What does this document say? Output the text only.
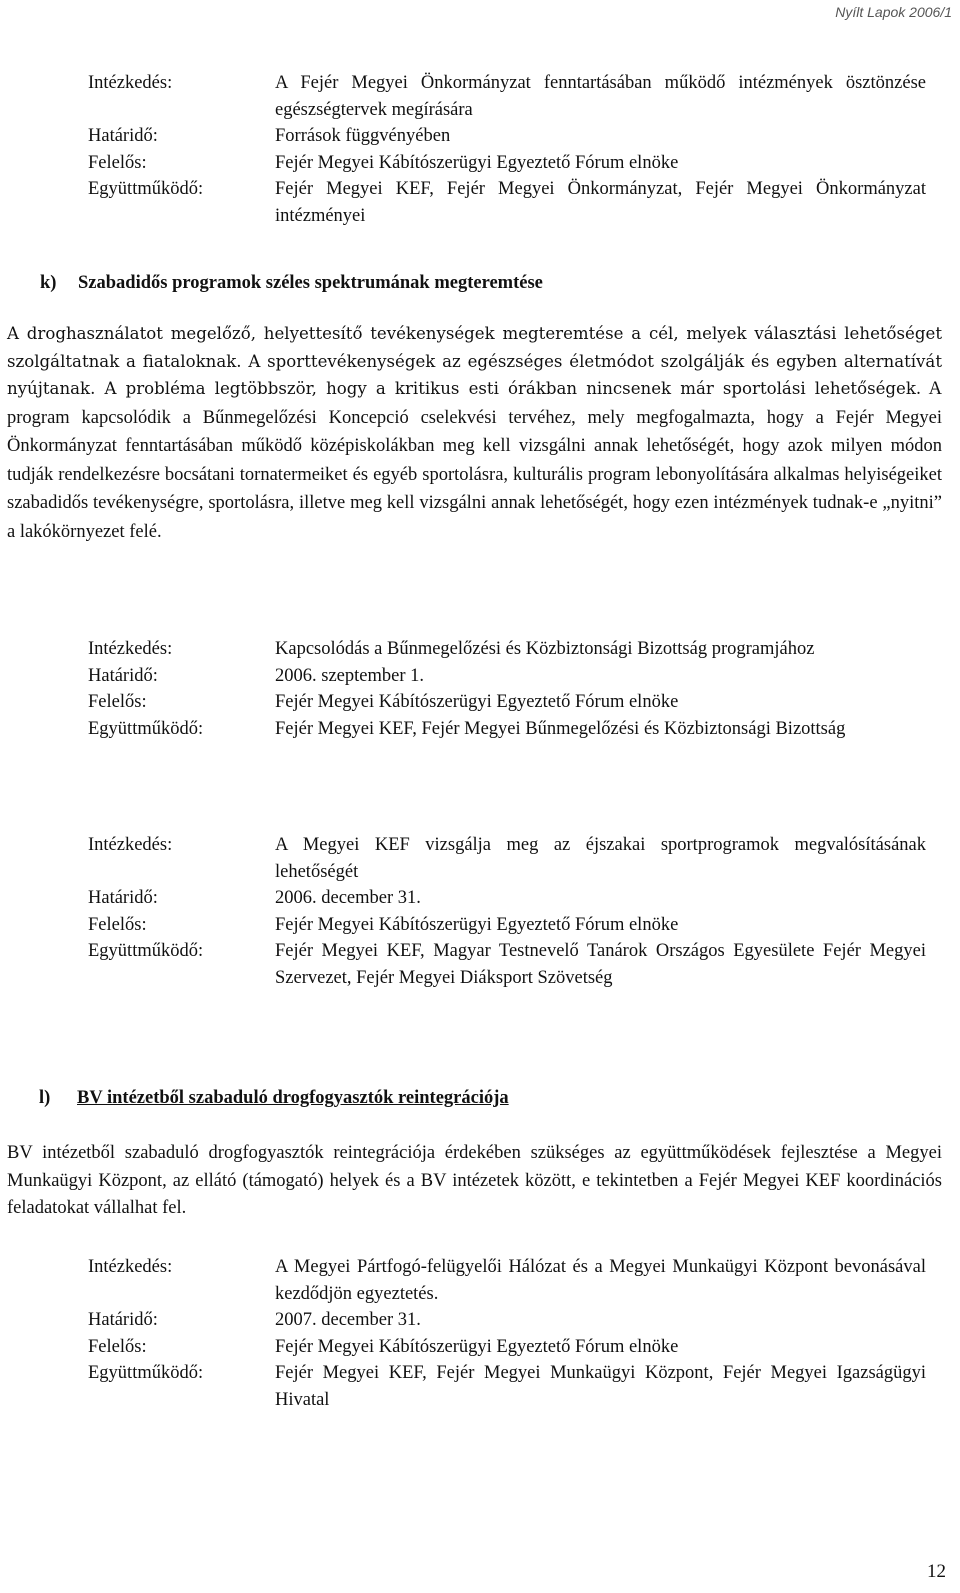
Nyílt Lapok 2006/1
Intézkedés:	A Fejér Megyei Önkormányzat fenntartásában működő intézmények ösztönzése egészségtervek megírására
Határidő:	Források függvényében
Felelős:	Fejér Megyei Kábítószerügyi Egyeztető Fórum elnöke
Együttműködő:	Fejér Megyei KEF, Fejér Megyei Önkormányzat, Fejér Megyei Önkormányzat intézményei
k) Szabadidős programok széles spektrumának megteremtése
A droghasználatot megelőző, helyettesítő tevékenységek megteremtése a cél, melyek választási lehetőséget szolgáltatnak a fiataloknak. A sporttevékenységek az egészséges életmódot szolgálják és egyben alternatívát nyújtanak. A probléma legtöbbször, hogy a kritikus esti órákban nincsenek már sportolási lehetőségek. A program kapcsolódik a Bűnmegelőzési Koncepció cselekvési tervéhez, mely megfogalmazta, hogy a Fejér Megyei Önkormányzat fenntartásában működő középiskolákban meg kell vizsgálni annak lehetőségét, hogy azok milyen módon tudják rendelkezésre bocsátani tornatermeiket és egyéb sportolásra, kulturális program lebonyolítására alkalmas helyiségeiket szabadidős tevékenységre, sportolásra, illetve meg kell vizsgálni annak lehetőségét, hogy ezen intézmények tudnak-e „nyitni” a lakókörnyezet felé.
Intézkedés:	Kapcsolódás a Bűnmegelőzési és Közbiztonsági Bizottság programjához
Határidő:	2006. szeptember 1.
Felelős:	Fejér Megyei Kábítószerügyi Egyeztető Fórum elnöke
Együttműködő:	Fejér Megyei KEF, Fejér Megyei Bűnmegelőzési és Közbiztonsági Bizottság
Intézkedés:	A Megyei KEF vizsgálja meg az éjszakai sportprogramok megvalósításának lehetőségét
Határidő:	2006. december 31.
Felelős:	Fejér Megyei Kábítószerügyi Egyeztető Fórum elnöke
Együttműködő:	Fejér Megyei KEF, Magyar Testnevelő Tanárok Országos Egyesülete Fejér Megyei Szervezet, Fejér Megyei Diáksport Szövetség
l) BV intézetből szabaduló drogfogyasztók reintegrációja
BV intézetből szabaduló drogfogyasztók reintegrációja érdekében szükséges az együttműködések fejlesztése a Megyei Munkaügyi Központ, az ellátó (támogató) helyek és a BV intézetek között, e tekintetben a Fejér Megyei KEF koordinációs feladatokat vállalhat fel.
Intézkedés:	A Megyei Pártfogó-felügyelői Hálózat és a Megyei Munkaügyi Központ bevonásával kezdődjön egyeztetés.
Határidő:	2007. december 31.
Felelős:	Fejér Megyei Kábítószerügyi Egyeztető Fórum elnöke
Együttműködő:	Fejér Megyei KEF, Fejér Megyei Munkaügyi Központ, Fejér Megyei Igazságügyi Hivatal
12
